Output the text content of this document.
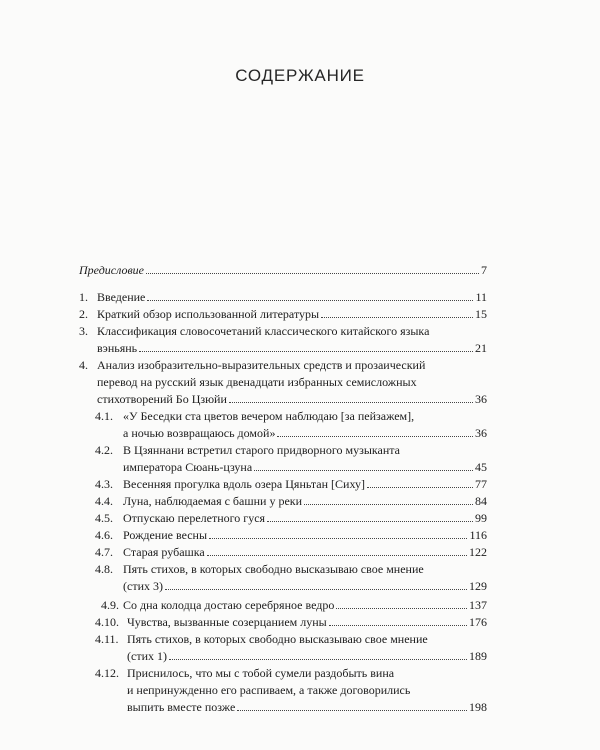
СОДЕРЖАНИЕ
Предисловие	7
1. Введение	11
2. Краткий обзор использованной литературы	15
3. Классификация словосочетаний классического китайского языка
вэньянь	21
4. Анализ изобразительно-выразительных средств и прозаический
перевод на русский язык двенадцати избранных семисложных
стихотворений Бо Цзюйи	36
4.1. «У Беседки ста цветов вечером наблюдаю [за пейзажем],
а ночью возвращаюсь домой»	36
4.2. В Цзяннани встретил старого придворного музыканта
императора Сюань-цзуна	45
4.3. Весенняя прогулка вдоль озера Цяньтан [Сиху]	77
4.4. Луна, наблюдаемая с башни у реки	84
4.5. Отпускаю перелетного гуся	99
4.6. Рождение весны	116
4.7. Старая рубашка	122
4.8. Пять стихов, в которых свободно высказываю свое мнение
(стих 3)	129
4.9. Со дна колодца достаю серебряное ведро	137
4.10. Чувства, вызванные созерцанием луны	176
4.11. Пять стихов, в которых свободно высказываю свое мнение
(стих 1)	189
4.12. Приснилось, что мы с тобой сумели раздобыть вина
и непринужденно его распиваем, а также договорились
выпить вместе позже	198
